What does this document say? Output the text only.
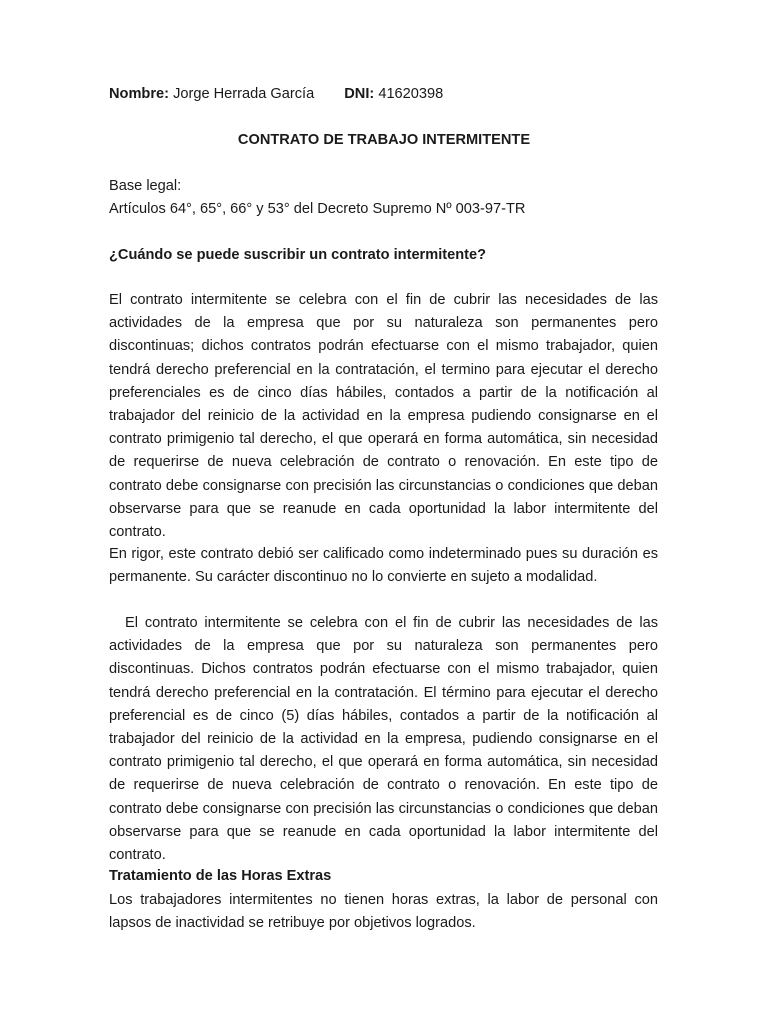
Nombre: Jorge Herrada García DNI: 41620398
CONTRATO DE TRABAJO INTERMITENTE
Base legal:
Artículos 64°, 65°, 66° y 53° del Decreto Supremo Nº 003-97-TR
¿Cuándo se puede suscribir un contrato intermitente?
El contrato intermitente se celebra con el fin de cubrir las necesidades de las actividades de la empresa que por su naturaleza son permanentes pero discontinuas; dichos contratos podrán efectuarse con el mismo trabajador, quien tendrá derecho preferencial en la contratación, el termino para ejecutar el derecho preferenciales es de cinco días hábiles, contados a partir de la notificación al trabajador del reinicio de la actividad en la empresa pudiendo consignarse en el contrato primigenio tal derecho, el que operará en forma automática, sin necesidad de requerirse de nueva celebración de contrato o renovación. En este tipo de contrato debe consignarse con precisión las circunstancias o condiciones que deban observarse para que se reanude en cada oportunidad la labor intermitente del contrato.
En rigor, este contrato debió ser calificado como indeterminado pues su duración es permanente. Su carácter discontinuo no lo convierte en sujeto a modalidad.
El contrato intermitente se celebra con el fin de cubrir las necesidades de las actividades de la empresa que por su naturaleza son permanentes pero discontinuas. Dichos contratos podrán efectuarse con el mismo trabajador, quien tendrá derecho preferencial en la contratación. El término para ejecutar el derecho preferencial es de cinco (5) días hábiles, contados a partir de la notificación al trabajador del reinicio de la actividad en la empresa, pudiendo consignarse en el contrato primigenio tal derecho, el que operará en forma automática, sin necesidad de requerirse de nueva celebración de contrato o renovación. En este tipo de contrato debe consignarse con precisión las circunstancias o condiciones que deban observarse para que se reanude en cada oportunidad la labor intermitente del contrato.
Tratamiento de las Horas Extras
Los trabajadores intermitentes no tienen horas extras, la labor de personal con lapsos de inactividad se retribuye por objetivos logrados.
